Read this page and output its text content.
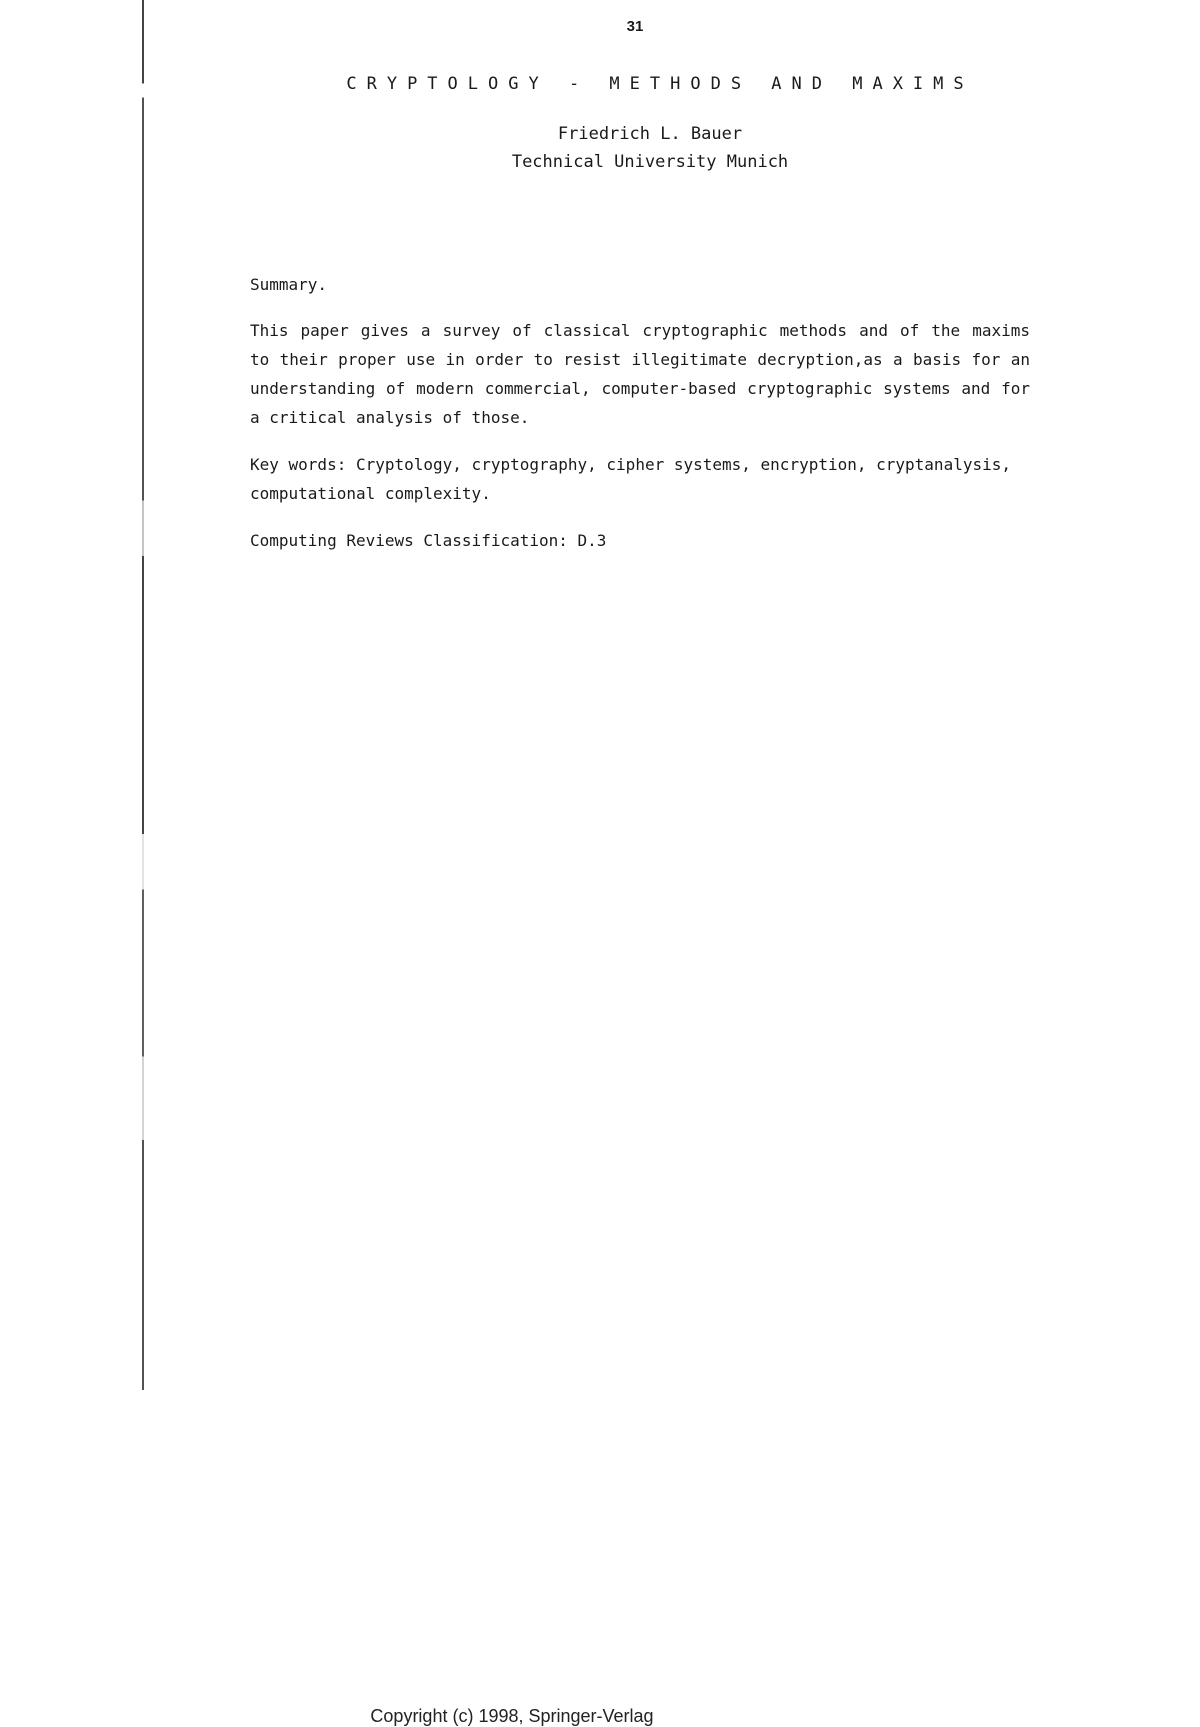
31
CRYPTOLOGY - METHODS AND MAXIMS
Friedrich L. Bauer
Technical University Munich

Summary.

This paper gives a survey of classical cryptographic methods and of the maxims to their proper use in order to resist illegitimate decryption,as a basis for an understanding of modern commercial, computer-based cryptographic systems and for a critical analysis of those.

Key words: Cryptology, cryptography, cipher systems, encryption, cryptanalysis, computational complexity.

Computing Reviews Classification: D.3

Copyright (c) 1998, Springer-Verlag
